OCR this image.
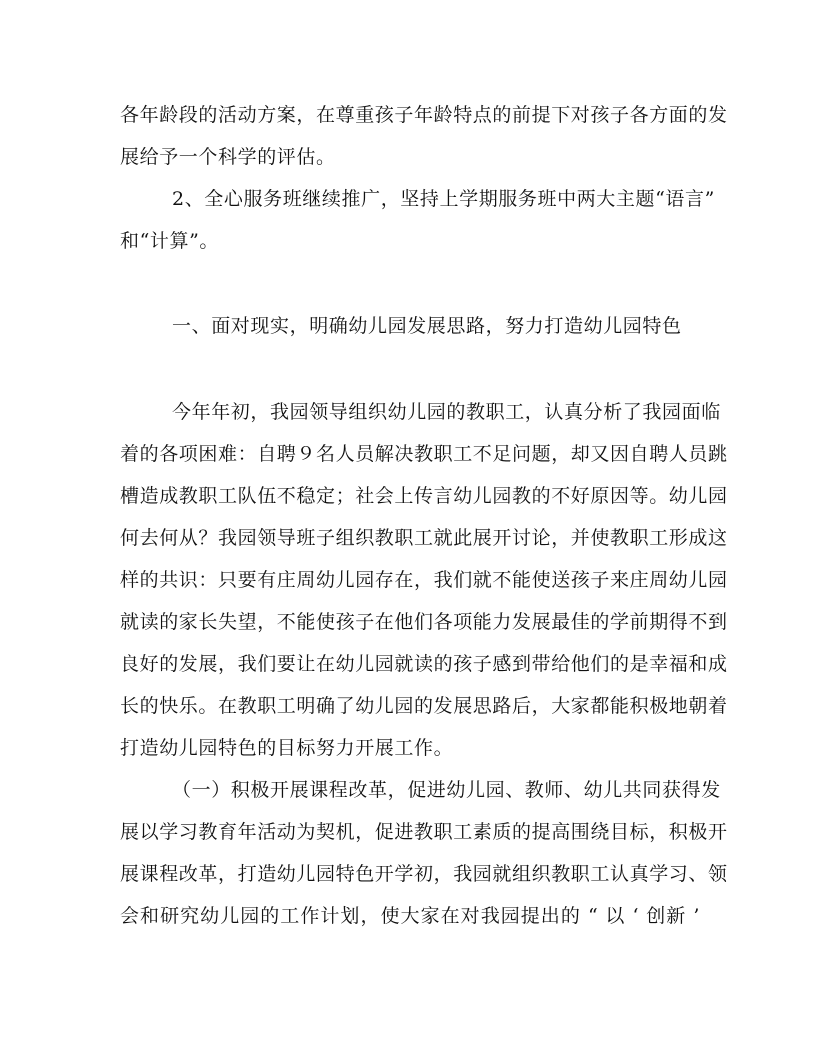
各年龄段的活动方案，在尊重孩子年龄特点的前提下对孩子各方面的发
展给予一个科学的评估。
2、全心服务班继续推广，坚持上学期服务班中两大主题“语言”
和“计算”。
一、面对现实，明确幼儿园发展思路，努力打造幼儿园特色
今年年初，我园领导组织幼儿园的教职工，认真分析了我园面临
着的各项困难：自聘９名人员解决教职工不足问题，却又因自聘人员跳
槽造成教职工队伍不稳定；社会上传言幼儿园教的不好原因等。幼儿园
何去何从？我园领导班子组织教职工就此展开讨论，并使教职工形成这
样的共识：只要有庄周幼儿园存在，我们就不能使送孩子来庄周幼儿园
就读的家长失望，不能使孩子在他们各项能力发展最佳的学前期得不到
良好的发展，我们要让在幼儿园就读的孩子感到带给他们的是幸福和成
长的快乐。在教职工明确了幼儿园的发展思路后，大家都能积极地朝着
打造幼儿园特色的目标努力开展工作。
（一）积极开展课程改革，促进幼儿园、教师、幼儿共同获得发
展以学习教育年活动为契机，促进教职工素质的提高围绕目标，积极开
展课程改革，打造幼儿园特色开学初，我园就组织教职工认真学习、领
会和研究幼儿园的工作计划，使大家在对我园提出的 “ 以 ‘ 创新 ’
